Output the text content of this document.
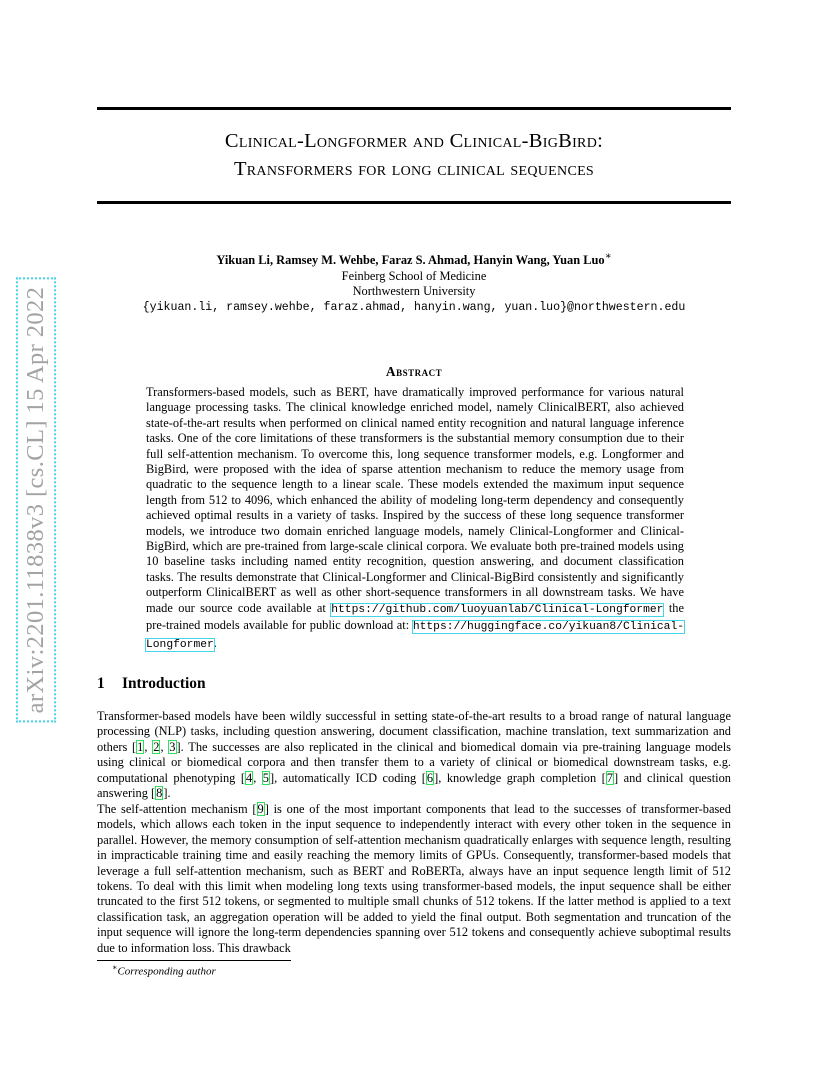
arXiv:2201.11838v3 [cs.CL] 15 Apr 2022
Clinical-Longformer and Clinical-BigBird:
Transformers for long clinical sequences
Yikuan Li, Ramsey M. Wehbe, Faraz S. Ahmad, Hanyin Wang, Yuan Luo∗
Feinberg School of Medicine
Northwestern University
{yikuan.li, ramsey.wehbe, faraz.ahmad, hanyin.wang, yuan.luo}@northwestern.edu
Abstract

Transformers-based models, such as BERT, have dramatically improved performance for various natural language processing tasks. The clinical knowledge enriched model, namely ClinicalBERT, also achieved state-of-the-art results when performed on clinical named entity recognition and natural language inference tasks. One of the core limitations of these transformers is the substantial memory consumption due to their full self-attention mechanism. To overcome this, long sequence transformer models, e.g. Longformer and BigBird, were proposed with the idea of sparse attention mechanism to reduce the memory usage from quadratic to the sequence length to a linear scale. These models extended the maximum input sequence length from 512 to 4096, which enhanced the ability of modeling long-term dependency and consequently achieved optimal results in a variety of tasks. Inspired by the success of these long sequence transformer models, we introduce two domain enriched language models, namely Clinical-Longformer and Clinical-BigBird, which are pre-trained from large-scale clinical corpora. We evaluate both pre-trained models using 10 baseline tasks including named entity recognition, question answering, and document classification tasks. The results demonstrate that Clinical-Longformer and Clinical-BigBird consistently and significantly outperform ClinicalBERT as well as other short-sequence transformers in all downstream tasks. We have made our source code available at https://github.com/luoyuanlab/Clinical-Longformer the pre-trained models available for public download at: https://huggingface.co/yikuan8/Clinical-Longformer.

1 Introduction

Transformer-based models have been wildly successful in setting state-of-the-art results to a broad range of natural language processing (NLP) tasks, including question answering, document classification, machine translation, text summarization and others [1, 2, 3]. The successes are also replicated in the clinical and biomedical domain via pre-training language models using clinical or biomedical corpora and then transfer them to a variety of clinical or biomedical downstream tasks, e.g. computational phenotyping [4, 5], automatically ICD coding [6], knowledge graph completion [7] and clinical question answering [8].

The self-attention mechanism [9] is one of the most important components that lead to the successes of transformer-based models, which allows each token in the input sequence to independently interact with every other token in the sequence in parallel. However, the memory consumption of self-attention mechanism quadratically enlarges with sequence length, resulting in impracticable training time and easily reaching the memory limits of GPUs. Consequently, transformer-based models that leverage a full self-attention mechanism, such as BERT and RoBERTa, always have an input sequence length limit of 512 tokens. To deal with this limit when modeling long texts using transformer-based models, the input sequence shall be either truncated to the first 512 tokens, or segmented to multiple small chunks of 512 tokens. If the latter method is applied to a text classification task, an aggregation operation will be added to yield the final output. Both segmentation and truncation of the input sequence will ignore the long-term dependencies spanning over 512 tokens and consequently achieve suboptimal results due to information loss. This drawback

∗Corresponding author
